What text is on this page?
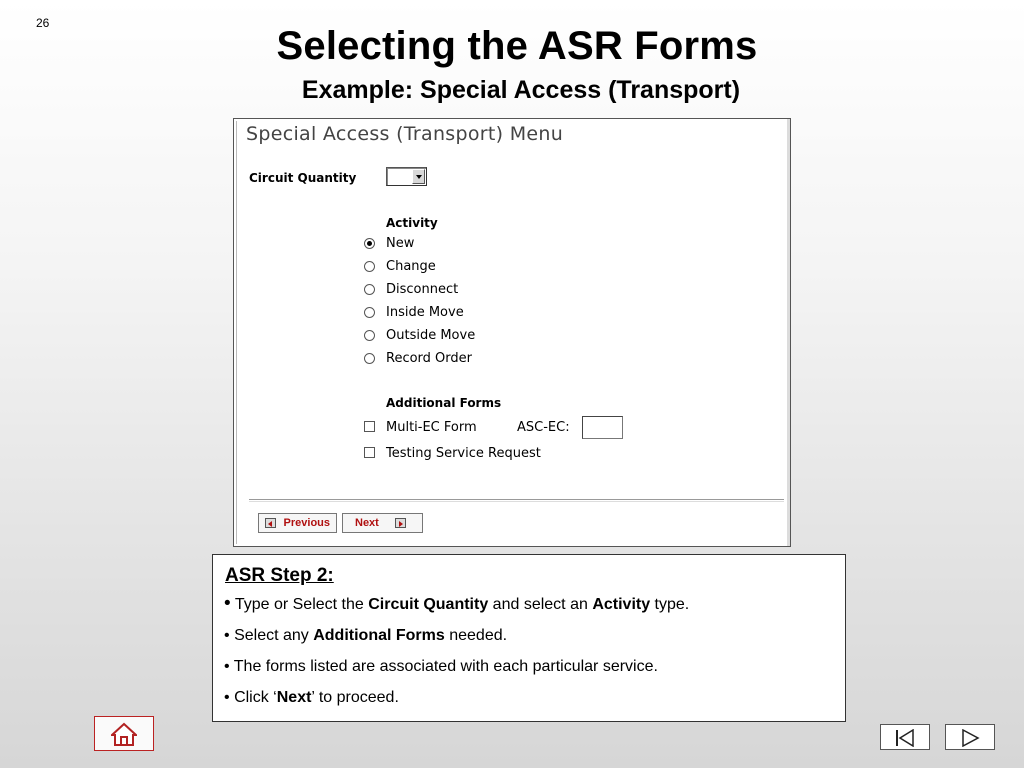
26
Selecting the ASR Forms
Example: Special Access (Transport)
Special Access (Transport) Menu
Circuit Quantity
Activity
New
Change
Disconnect
Inside Move
Outside Move
Record Order
Additional Forms
Multi-EC Form	ASC-EC:
Testing Service Request
Previous Next
ASR Step 2:
• Type or Select the Circuit Quantity and select an Activity type.
• Select any Additional Forms needed.
• The forms listed are associated with each particular service.
• Click ‘Next’ to proceed.
